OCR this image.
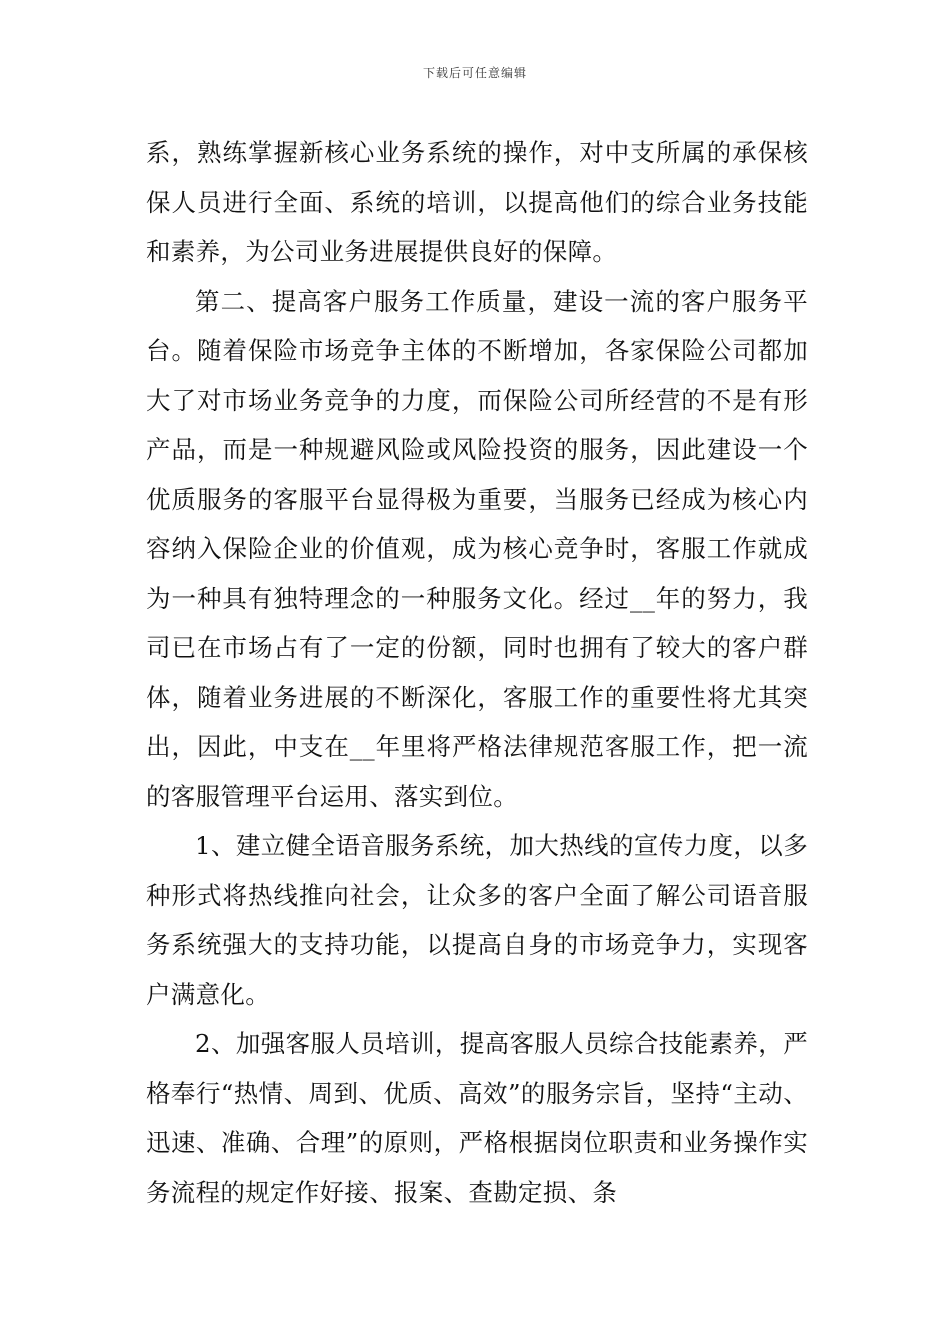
下载后可任意编辑

系，熟练掌握新核心业务系统的操作，对中支所属的承保核保人员进行全面、系统的培训，以提高他们的综合业务技能和素养，为公司业务进展提供良好的保障。

第二、提高客户服务工作质量，建设一流的客户服务平台。随着保险市场竞争主体的不断增加，各家保险公司都加大了对市场业务竞争的力度，而保险公司所经营的不是有形产品，而是一种规避风险或风险投资的服务，因此建设一个优质服务的客服平台显得极为重要，当服务已经成为核心内容纳入保险企业的价值观，成为核心竞争时，客服工作就成为一种具有独特理念的一种服务文化。经过__年的努力，我司已在市场占有了一定的份额，同时也拥有了较大的客户群体，随着业务进展的不断深化，客服工作的重要性将尤其突出，因此，中支在__年里将严格法律规范客服工作，把一流的客服管理平台运用、落实到位。

1、建立健全语音服务系统，加大热线的宣传力度，以多种形式将热线推向社会，让众多的客户全面了解公司语音服务系统强大的支持功能，以提高自身的市场竞争力，实现客户满意化。

2、加强客服人员培训，提高客服人员综合技能素养，严格奉行“热情、周到、优质、高效”的服务宗旨，坚持“主动、迅速、准确、合理”的原则，严格根据岗位职责和业务操作实务流程的规定作好接、报案、查勘定损、条
